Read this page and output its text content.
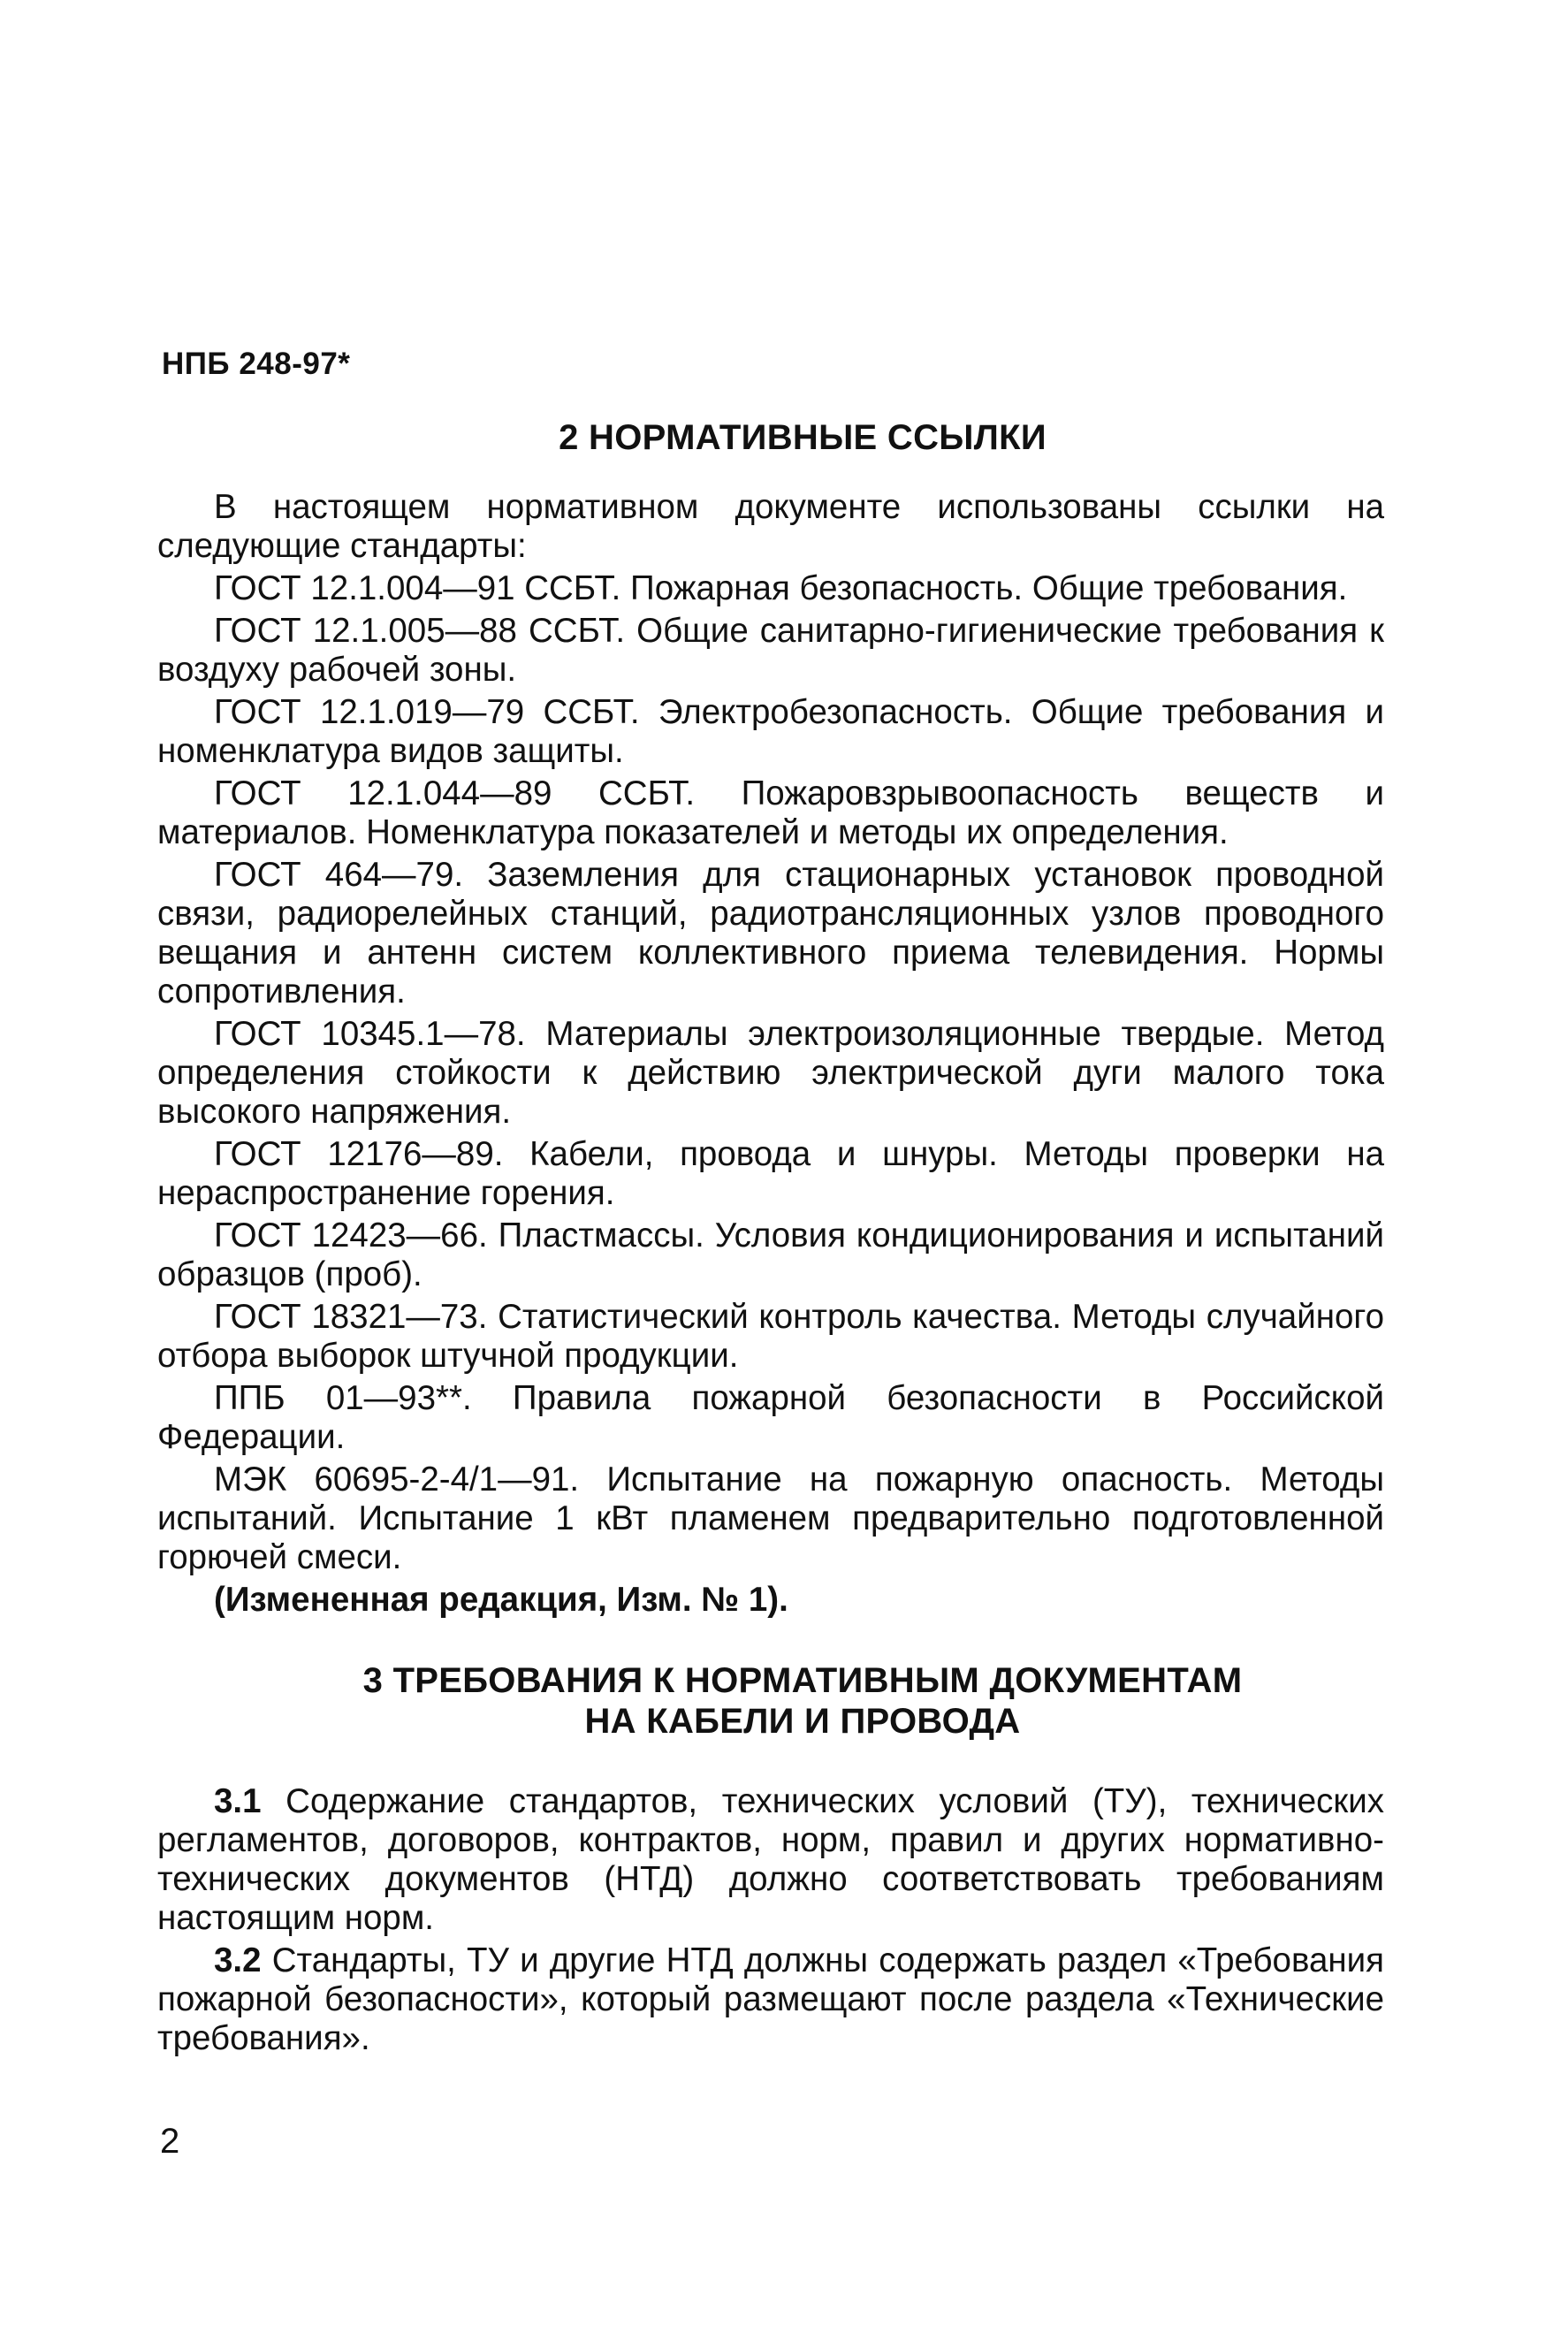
НПБ 248-97*
2 НОРМАТИВНЫЕ ССЫЛКИ

В настоящем нормативном документе использованы ссылки на следующие стандарты:

ГОСТ 12.1.004—91 ССБТ. Пожарная безопасность. Общие требования.

ГОСТ 12.1.005—88 ССБТ. Общие санитарно-гигиенические требования к воздуху рабочей зоны.

ГОСТ 12.1.019—79 ССБТ. Электробезопасность. Общие требования и номенклатура видов защиты.

ГОСТ 12.1.044—89 ССБТ. Пожаровзрывоопасность веществ и материалов. Номенклатура показателей и методы их определения.

ГОСТ 464—79. Заземления для стационарных установок проводной связи, радиорелейных станций, радиотрансляционных узлов проводного вещания и антенн систем коллективного приема телевидения. Нормы сопротивления.

ГОСТ 10345.1—78. Материалы электроизоляционные твердые. Метод определения стойкости к действию электрической дуги малого тока высокого напряжения.

ГОСТ 12176—89. Кабели, провода и шнуры. Методы проверки на нераспространение горения.

ГОСТ 12423—66. Пластмассы. Условия кондиционирования и испытаний образцов (проб).

ГОСТ 18321—73. Статистический контроль качества. Методы случайного отбора выборок штучной продукции.

ППБ 01—93**. Правила пожарной безопасности в Российской Федерации.

МЭК 60695-2-4/1—91. Испытание на пожарную опасность. Методы испытаний. Испытание 1 кВт пламенем предварительно подготовленной горючей смеси.

(Измененная редакция, Изм. № 1).

3 ТРЕБОВАНИЯ К НОРМАТИВНЫМ ДОКУМЕНТАМ
НА КАБЕЛИ И ПРОВОДА

3.1 Содержание стандартов, технических условий (ТУ), технических регламентов, договоров, контрактов, норм, правил и других нормативно-технических документов (НТД) должно соответствовать требованиям настоящим норм.

3.2 Стандарты, ТУ и другие НТД должны содержать раздел «Требования пожарной безопасности», который размещают после раздела «Технические требования».

2
